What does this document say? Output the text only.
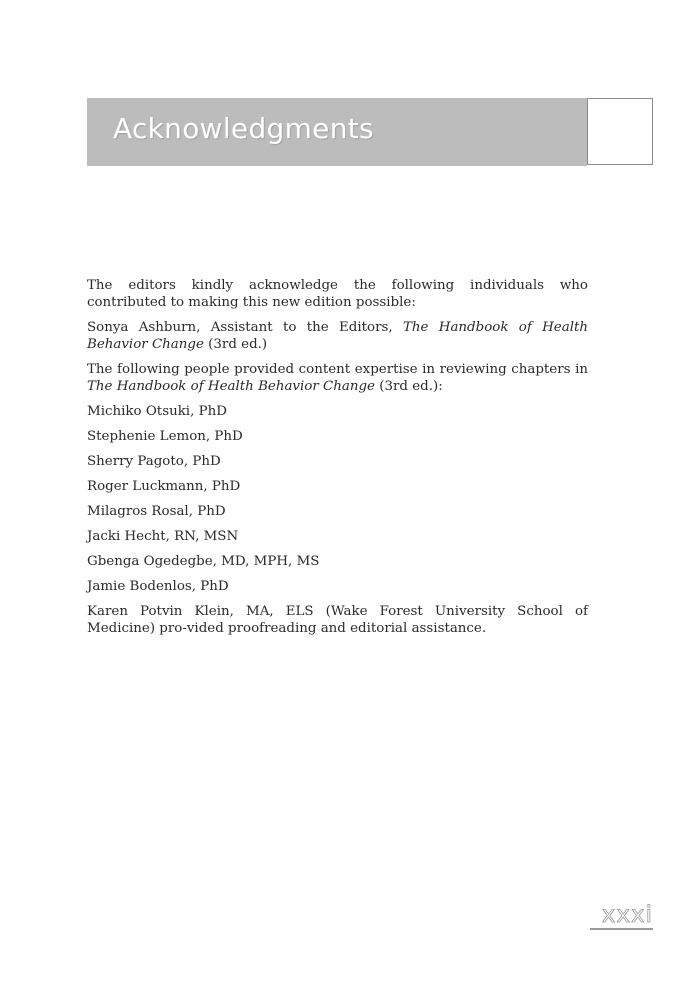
Acknowledgments

The editors kindly acknowledge the following individuals who contributed to making this new edition possible:

Sonya Ashburn, Assistant to the Editors, The Handbook of Health Behavior Change (3rd ed.)

The following people provided content expertise in reviewing chapters in The Handbook of Health Behavior Change (3rd ed.):

Michiko Otsuki, PhD
Stephenie Lemon, PhD
Sherry Pagoto, PhD
Roger Luckmann, PhD
Milagros Rosal, PhD
Jacki Hecht, RN, MSN
Gbenga Ogedegbe, MD, MPH, MS
Jamie Bodenlos, PhD

Karen Potvin Klein, MA, ELS (Wake Forest University School of Medicine) pro-vided proofreading and editorial assistance.

xxxi
